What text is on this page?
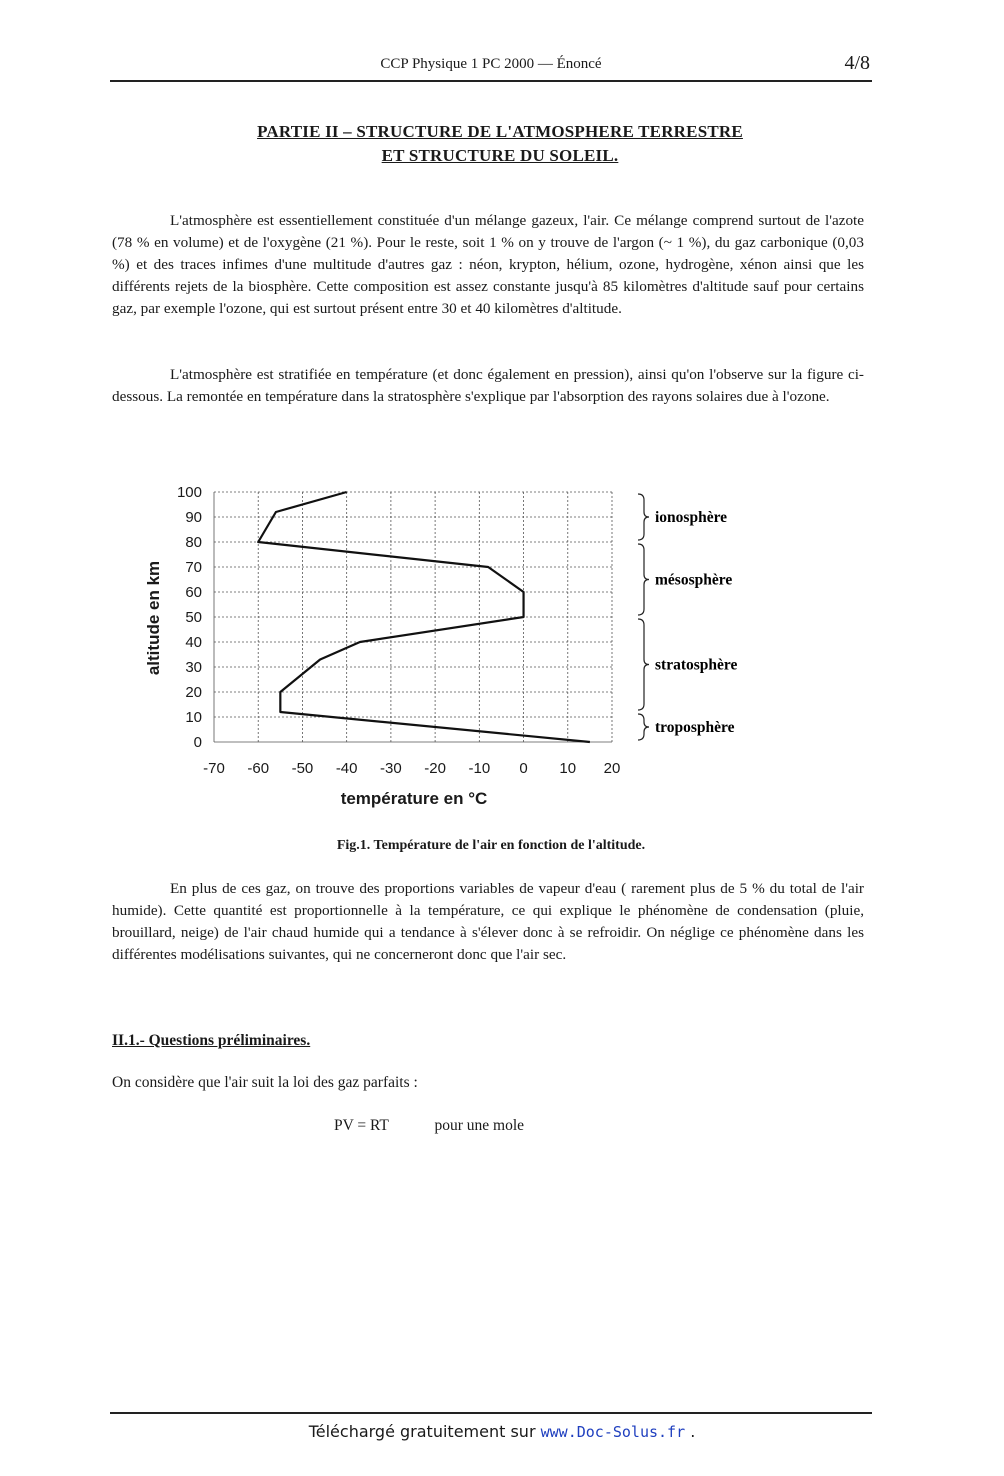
CCP Physique 1 PC 2000 — Énoncé	4/8
PARTIE II – STRUCTURE DE L'ATMOSPHERE TERRESTRE
ET STRUCTURE DU SOLEIL.

L'atmosphère est essentiellement constituée d'un mélange gazeux, l'air. Ce mélange comprend surtout de l'azote (78 % en volume) et de l'oxygène (21 %). Pour le reste, soit 1 % on y trouve de l'argon (~ 1 %), du gaz carbonique (0,03 %) et des traces infimes d'une multitude d'autres gaz : néon, krypton, hélium, ozone, hydrogène, xénon ainsi que les différents rejets de la biosphère. Cette composition est assez constante jusqu'à 85 kilomètres d'altitude sauf pour certains gaz, par exemple l'ozone, qui est surtout présent entre 30 et 40 kilomètres d'altitude.

L'atmosphère est stratifiée en température (et donc également en pression), ainsi qu'on l'observe sur la figure ci-dessous. La remontée en température dans la stratosphère s'explique par l'absorption des rayons solaires due à l'ozone.

0
10
20
30
40
50
60
70
80
90
100
-70 -60 -50 -40 -30 -20 -10 0 10 20
ionosphère
mésosphère
stratosphère
troposphère
température en °C
altitude en km
Fig.1. Température de l'air en fonction de l'altitude.

En plus de ces gaz, on trouve des proportions variables de vapeur d'eau ( rarement plus de 5 % du total de l'air humide). Cette quantité est proportionnelle à la température, ce qui explique le phénomène de condensation (pluie, brouillard, neige) de l'air chaud humide qui a tendance à s'élever donc à se refroidir. On néglige ce phénomène dans les différentes modélisations suivantes, qui ne concerneront donc que l'air sec.

II.1.- Questions préliminaires.
On considère que l'air suit la loi des gaz parfaits :
PV = RT	pour une mole
Téléchargé gratuitement sur www.Doc-Solus.fr .
